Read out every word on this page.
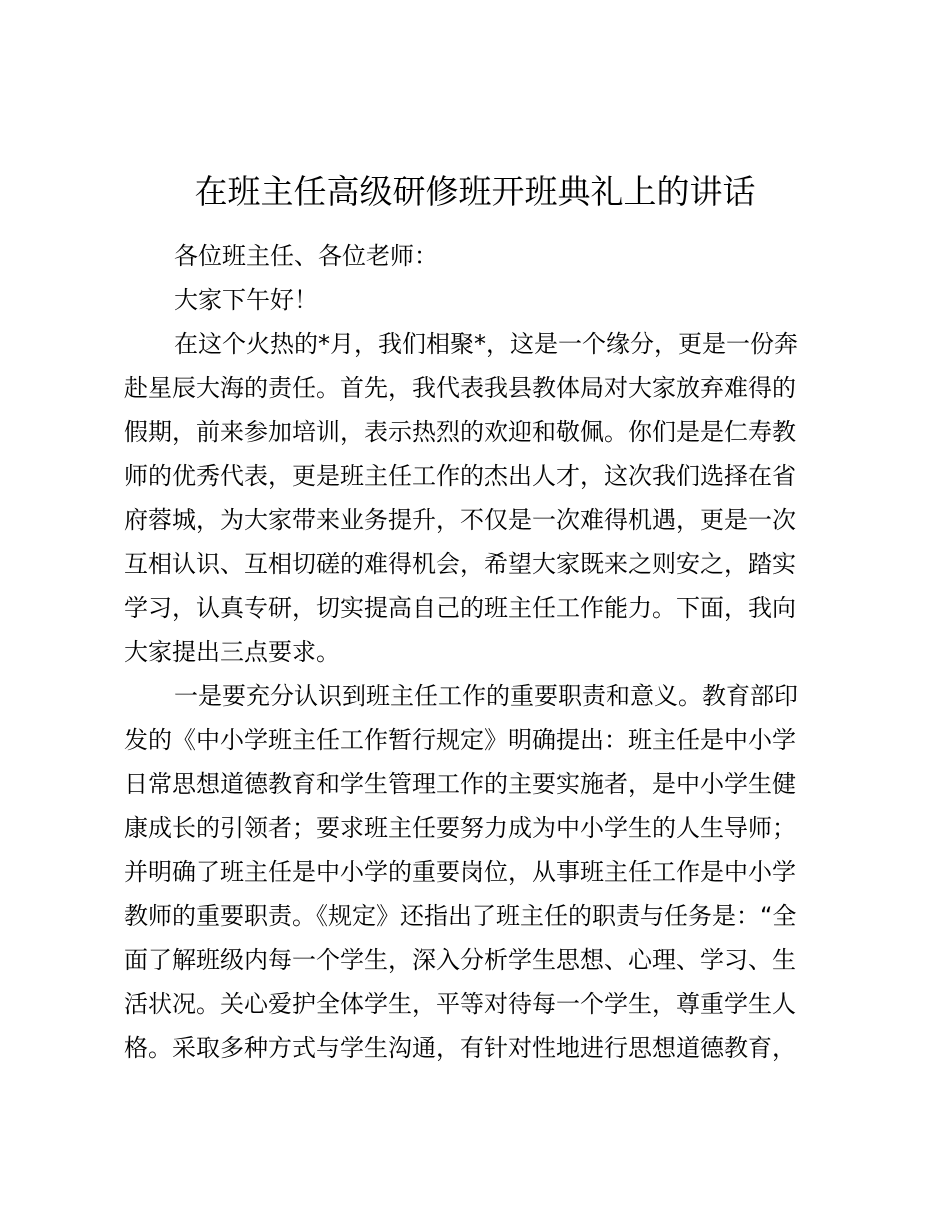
在班主任高级研修班开班典礼上的讲话

各位班主任、各位老师：

大家下午好！

在这个火热的*月，我们相聚*，这是一个缘分，更是一份奔

赴星辰大海的责任。首先，我代表我县教体局对大家放弃难得的

假期，前来参加培训，表示热烈的欢迎和敬佩。你们是是仁寿教

师的优秀代表，更是班主任工作的杰出人才，这次我们选择在省

府蓉城，为大家带来业务提升，不仅是一次难得机遇，更是一次

互相认识、互相切磋的难得机会，希望大家既来之则安之，踏实

学习，认真专研，切实提高自己的班主任工作能力。下面，我向

大家提出三点要求。

一是要充分认识到班主任工作的重要职责和意义。教育部印

发的《中小学班主任工作暂行规定》明确提出：班主任是中小学

日常思想道德教育和学生管理工作的主要实施者，是中小学生健

康成长的引领者；要求班主任要努力成为中小学生的人生导师；

并明确了班主任是中小学的重要岗位，从事班主任工作是中小学

教师的重要职责。《规定》还指出了班主任的职责与任务是：“全

面了解班级内每一个学生，深入分析学生思想、心理、学习、生

活状况。关心爱护全体学生，平等对待每一个学生，尊重学生人

格。采取多种方式与学生沟通，有针对性地进行思想道德教育，
